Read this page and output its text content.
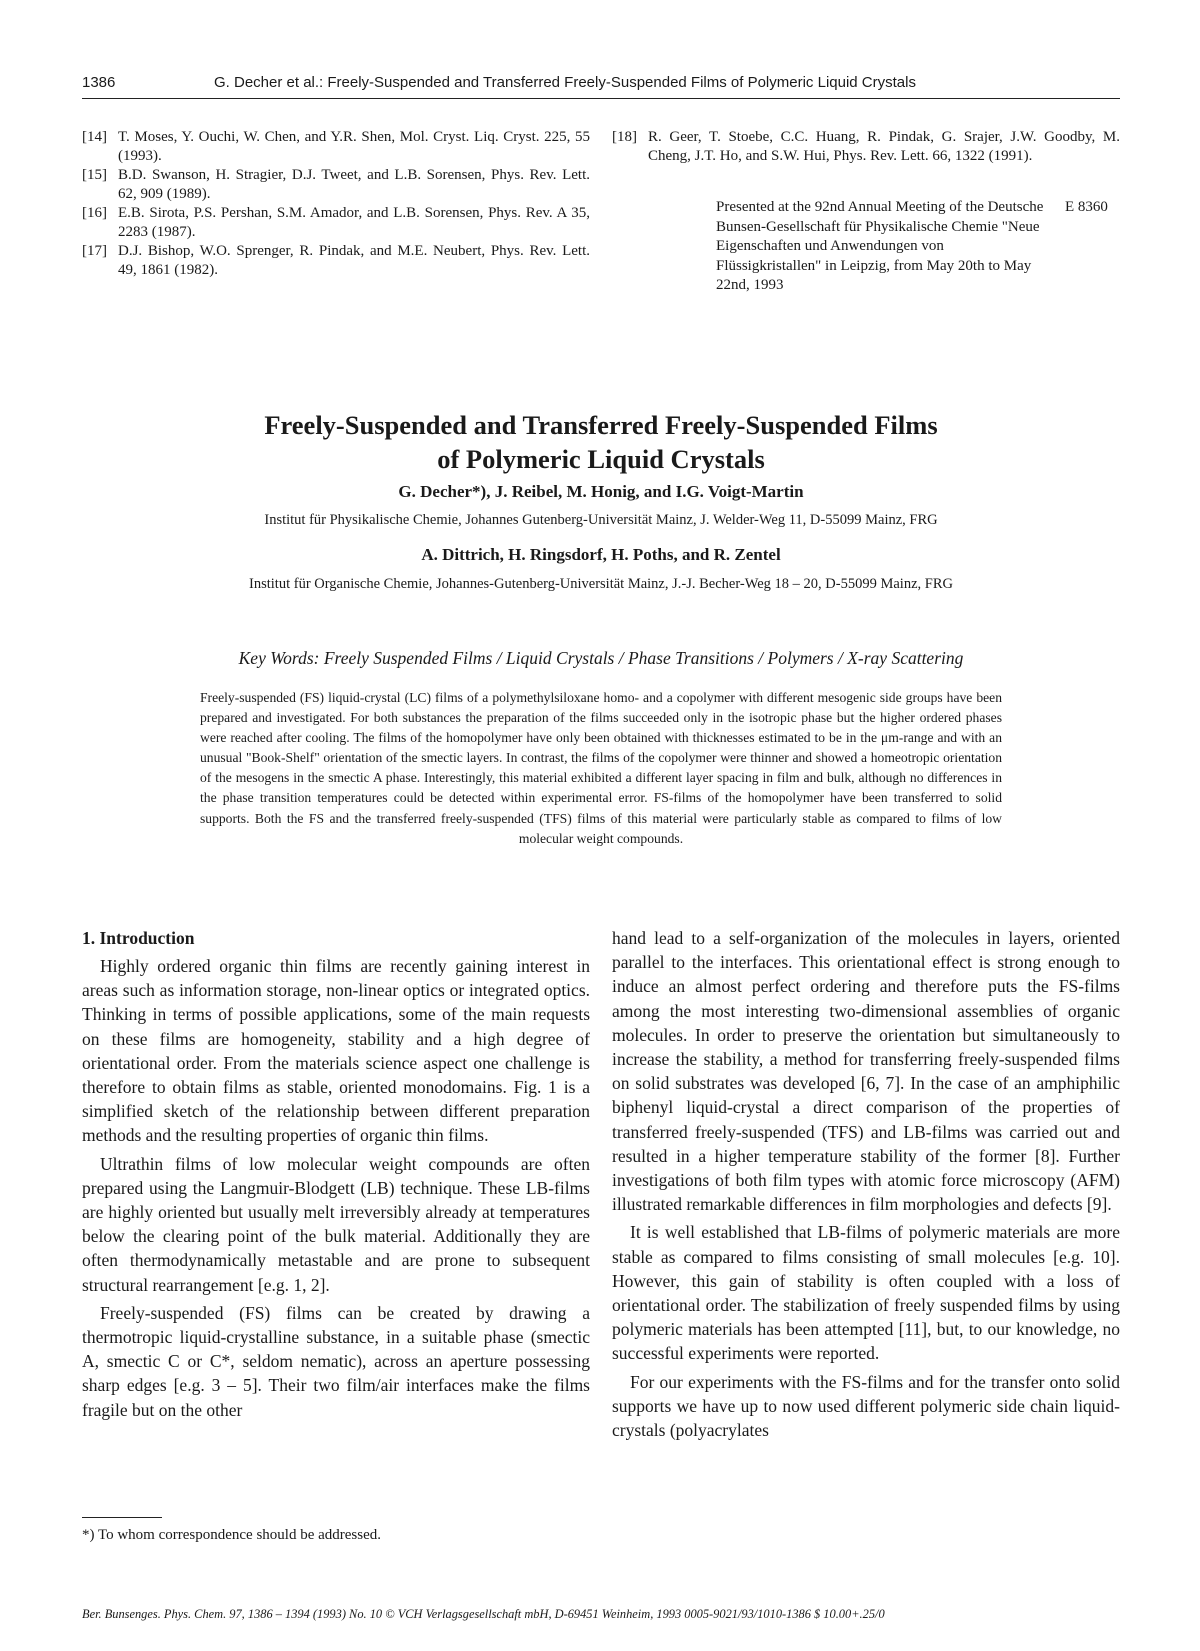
1386	G. Decher et al.: Freely-Suspended and Transferred Freely-Suspended Films of Polymeric Liquid Crystals
[14] T. Moses, Y. Ouchi, W. Chen, and Y.R. Shen, Mol. Cryst. Liq. Cryst. 225, 55 (1993).
[15] B.D. Swanson, H. Stragier, D.J. Tweet, and L.B. Sorensen, Phys. Rev. Lett. 62, 909 (1989).
[16] E.B. Sirota, P.S. Pershan, S.M. Amador, and L.B. Sorensen, Phys. Rev. A 35, 2283 (1987).
[17] D.J. Bishop, W.O. Sprenger, R. Pindak, and M.E. Neubert, Phys. Rev. Lett. 49, 1861 (1982).
[18] R. Geer, T. Stoebe, C.C. Huang, R. Pindak, G. Srajer, J.W. Goodby, M. Cheng, J.T. Ho, and S.W. Hui, Phys. Rev. Lett. 66, 1322 (1991).
Presented at the 92nd Annual Meeting of the Deutsche Bunsen-Gesellschaft für Physikalische Chemie "Neue Eigenschaften und Anwendungen von Flüssigkristallen" in Leipzig, from May 20th to May 22nd, 1993
E 8360
Freely-Suspended and Transferred Freely-Suspended Films
of Polymeric Liquid Crystals
G. Decher*), J. Reibel, M. Honig, and I.G. Voigt-Martin
Institut für Physikalische Chemie, Johannes Gutenberg-Universität Mainz, J. Welder-Weg 11, D-55099 Mainz, FRG
A. Dittrich, H. Ringsdorf, H. Poths, and R. Zentel
Institut für Organische Chemie, Johannes-Gutenberg-Universität Mainz, J.-J. Becher-Weg 18 – 20, D-55099 Mainz, FRG
Key Words: Freely Suspended Films / Liquid Crystals / Phase Transitions / Polymers / X-ray Scattering
Freely-suspended (FS) liquid-crystal (LC) films of a polymethylsiloxane homo- and a copolymer with different mesogenic side groups have been prepared and investigated. For both substances the preparation of the films succeeded only in the isotropic phase but the higher ordered phases were reached after cooling. The films of the homopolymer have only been obtained with thicknesses estimated to be in the μm-range and with an unusual "Book-Shelf" orientation of the smectic layers. In contrast, the films of the copolymer were thinner and showed a homeotropic orientation of the mesogens in the smectic A phase. Interestingly, this material exhibited a different layer spacing in film and bulk, although no differences in the phase transition temperatures could be detected within experimental error. FS-films of the homopolymer have been transferred to solid supports. Both the FS and the transferred freely-suspended (TFS) films of this material were particularly stable as compared to films of low molecular weight compounds.
1. Introduction

Highly ordered organic thin films are recently gaining interest in areas such as information storage, non-linear optics or integrated optics. Thinking in terms of possible applications, some of the main requests on these films are homogeneity, stability and a high degree of orientational order. From the materials science aspect one challenge is therefore to obtain films as stable, oriented monodomains. Fig. 1 is a simplified sketch of the relationship between different preparation methods and the resulting properties of organic thin films.

Ultrathin films of low molecular weight compounds are often prepared using the Langmuir-Blodgett (LB) technique. These LB-films are highly oriented but usually melt irreversibly already at temperatures below the clearing point of the bulk material. Additionally they are often thermodynamically metastable and are prone to subsequent structural rearrangement [e.g. 1, 2].

Freely-suspended (FS) films can be created by drawing a thermotropic liquid-crystalline substance, in a suitable phase (smectic A, smectic C or C*, seldom nematic), across an aperture possessing sharp edges [e.g. 3 – 5]. Their two film/air interfaces make the films fragile but on the other

hand lead to a self-organization of the molecules in layers, oriented parallel to the interfaces. This orientational effect is strong enough to induce an almost perfect ordering and therefore puts the FS-films among the most interesting two-dimensional assemblies of organic molecules. In order to preserve the orientation but simultaneously to increase the stability, a method for transferring freely-suspended films on solid substrates was developed [6, 7]. In the case of an amphiphilic biphenyl liquid-crystal a direct comparison of the properties of transferred freely-suspended (TFS) and LB-films was carried out and resulted in a higher temperature stability of the former [8]. Further investigations of both film types with atomic force microscopy (AFM) illustrated remarkable differences in film morphologies and defects [9].

It is well established that LB-films of polymeric materials are more stable as compared to films consisting of small molecules [e.g. 10]. However, this gain of stability is often coupled with a loss of orientational order. The stabilization of freely suspended films by using polymeric materials has been attempted [11], but, to our knowledge, no successful experiments were reported.

For our experiments with the FS-films and for the transfer onto solid supports we have up to now used different polymeric side chain liquid-crystals (polyacrylates

*) To whom correspondence should be addressed.
Ber. Bunsenges. Phys. Chem. 97, 1386 – 1394 (1993) No. 10 © VCH Verlagsgesellschaft mbH, D-69451 Weinheim, 1993 0005-9021/93/1010-1386 $ 10.00+.25/0
